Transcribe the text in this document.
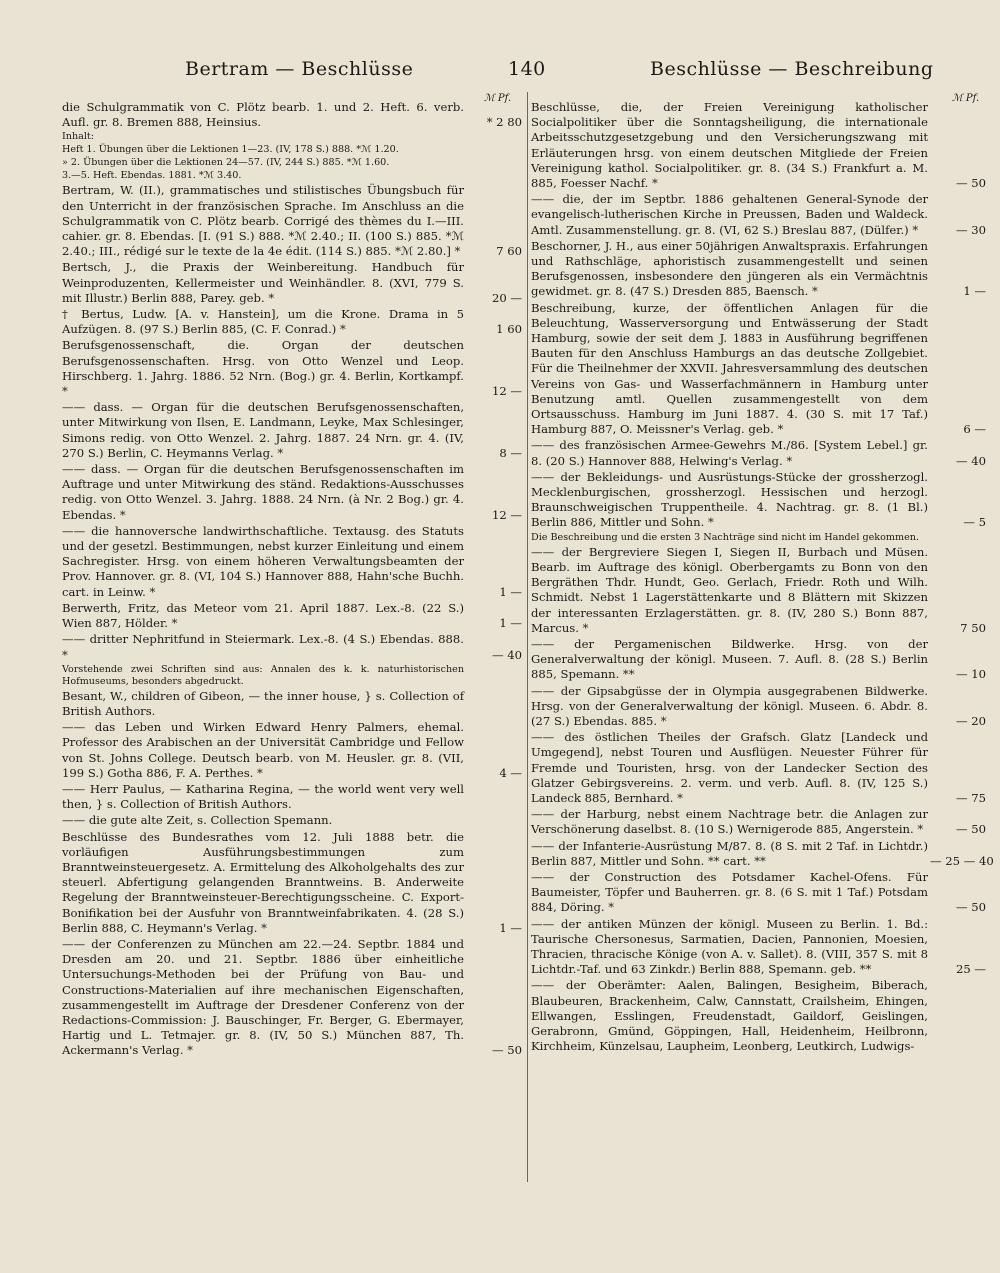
Bertram — Beschlüsse	140	Beschlüsse — Beschreibung
ℳ Pf.	ℳ Pf.
die Schulgrammatik von C. Plötz bearb. 1. und 2. Heft. 6. verb. Aufl. gr. 8. Bremen 888, Heinsius.	* 2 80
Inhalt:
Heft 1. Übungen über die Lektionen 1—23. (IV, 178 S.) 888. *ℳ 1.20.
» 2. Übungen über die Lektionen 24—57. (IV, 244 S.) 885. *ℳ 1.60.
3.—5. Heft. Ebendas. 1881. *ℳ 3.40.
Bertram, W. (II.), grammatisches und stilistisches Übungsbuch für den Unterricht in der französischen Sprache. Im Anschluss an die Schulgrammatik von C. Plötz bearb. Corrigé des thèmes du I.—III. cahier. gr. 8. Ebendas. [I. (91 S.) 888. *ℳ 2.40.; II. (100 S.) 885. *ℳ 2.40.; III., rédigé sur le texte de la 4e édit. (114 S.) 885. *ℳ 2.80.] *	7 60
Bertsch, J., die Praxis der Weinbereitung. Handbuch für Weinproduzenten, Kellermeister und Weinhändler. 8. (XVI, 779 S. mit Illustr.) Berlin 888, Parey. geb. *	20 —
† Bertus, Ludw. [A. v. Hanstein], um die Krone. Drama in 5 Aufzügen. 8. (97 S.) Berlin 885, (C. F. Conrad.) *	1 60
Berufsgenossenschaft, die. Organ der deutschen Berufsgenossenschaften. Hrsg. von Otto Wenzel und Leop. Hirschberg. 1. Jahrg. 1886. 52 Nrn. (Bog.) gr. 4. Berlin, Kortkampf. *	12 —
—— dass. — Organ für die deutschen Berufsgenossenschaften, unter Mitwirkung von Ilsen, E. Landmann, Leyke, Max Schlesinger, Simons redig. von Otto Wenzel. 2. Jahrg. 1887. 24 Nrn. gr. 4. (IV, 270 S.) Berlin, C. Heymanns Verlag. *	8 —
—— dass. — Organ für die deutschen Berufsgenossenschaften im Auftrage und unter Mitwirkung des ständ. Redaktions-Ausschusses redig. von Otto Wenzel. 3. Jahrg. 1888. 24 Nrn. (à Nr. 2 Bog.) gr. 4. Ebendas. *	12 —
—— die hannoversche landwirthschaftliche. Textausg. des Statuts und der gesetzl. Bestimmungen, nebst kurzer Einleitung und einem Sachregister. Hrsg. von einem höheren Verwaltungsbeamten der Prov. Hannover. gr. 8. (VI, 104 S.) Hannover 888, Hahn'sche Buchh. cart. in Leinw. *	1 —
Berwerth, Fritz, das Meteor vom 21. April 1887. Lex.-8. (22 S.) Wien 887, Hölder. *	1 —
—— dritter Nephritfund in Steiermark. Lex.-8. (4 S.) Ebendas. 888. *	— 40
Vorstehende zwei Schriften sind aus: Annalen des k. k. naturhistorischen Hofmuseums, besonders abgedruckt.
Besant, W., children of Gibeon, — the inner house, } s. Collection of British Authors.
—— das Leben und Wirken Edward Henry Palmers, ehemal. Professor des Arabischen an der Universität Cambridge und Fellow von St. Johns College. Deutsch bearb. von M. Heusler. gr. 8. (VII, 199 S.) Gotha 886, F. A. Perthes. *	4 —
—— Herr Paulus, — Katharina Regina, — the world went very well then, } s. Collection of British Authors.
—— die gute alte Zeit, s. Collection Spemann.
Beschlüsse des Bundesrathes vom 12. Juli 1888 betr. die vorläufigen Ausführungsbestimmungen zum Branntweinsteuergesetz. A. Ermittelung des Alkoholgehalts des zur steuerl. Abfertigung gelangenden Branntweins. B. Anderweite Regelung der Branntweinsteuer-Berechtigungsscheine. C. Export-Bonifikation bei der Ausfuhr von Branntweinfabrikaten. 4. (28 S.) Berlin 888, C. Heymann's Verlag. *	1 —
—— der Conferenzen zu München am 22.—24. Septbr. 1884 und Dresden am 20. und 21. Septbr. 1886 über einheitliche Untersuchungs-Methoden bei der Prüfung von Bau- und Constructions-Materialien auf ihre mechanischen Eigenschaften, zusammengestellt im Auftrage der Dresdener Conferenz von der Redactions-Commission: J. Bauschinger, Fr. Berger, G. Ebermayer, Hartig und L. Tetmajer. gr. 8. (IV, 50 S.) München 887, Th. Ackermann's Verlag. *	— 50
Beschlüsse, die, der Freien Vereinigung katholischer Socialpolitiker über die Sonntagsheiligung, die internationale Arbeitsschutzgesetzgebung und den Versicherungszwang mit Erläuterungen hrsg. von einem deutschen Mitgliede der Freien Vereinigung kathol. Socialpolitiker. gr. 8. (34 S.) Frankfurt a. M. 885, Foesser Nachf. *	— 50
—— die, der im Septbr. 1886 gehaltenen General-Synode der evangelisch-lutherischen Kirche in Preussen, Baden und Waldeck. Amtl. Zusammenstellung. gr. 8. (VI, 62 S.) Breslau 887, (Dülfer.) *	— 30
Beschorner, J. H., aus einer 50jährigen Anwaltspraxis. Erfahrungen und Rathschläge, aphoristisch zusammengestellt und seinen Berufsgenossen, insbesondere den jüngeren als ein Vermächtnis gewidmet. gr. 8. (47 S.) Dresden 885, Baensch. *	1 —
Beschreibung, kurze, der öffentlichen Anlagen für die Beleuchtung, Wasserversorgung und Entwässerung der Stadt Hamburg, sowie der seit dem J. 1883 in Ausführung begriffenen Bauten für den Anschluss Hamburgs an das deutsche Zollgebiet. Für die Theilnehmer der XXVII. Jahresversammlung des deutschen Vereins von Gas- und Wasserfachmännern in Hamburg unter Benutzung amtl. Quellen zusammengestellt von dem Ortsausschuss. Hamburg im Juni 1887. 4. (30 S. mit 17 Taf.) Hamburg 887, O. Meissner's Verlag. geb. *	6 —
—— des französischen Armee-Gewehrs M./86. [System Lebel.] gr. 8. (20 S.) Hannover 888, Helwing's Verlag. *	— 40
—— der Bekleidungs- und Ausrüstungs-Stücke der grossherzogl. Mecklenburgischen, grossherzogl. Hessischen und herzogl. Braunschweigischen Truppentheile. 4. Nachtrag. gr. 8. (1 Bl.) Berlin 886, Mittler und Sohn. *	— 5
Die Beschreibung und die ersten 3 Nachträge sind nicht im Handel gekommen.
—— der Bergreviere Siegen I, Siegen II, Burbach und Müsen. Bearb. im Auftrage des königl. Oberbergamts zu Bonn von den Bergräthen Thdr. Hundt, Geo. Gerlach, Friedr. Roth und Wilh. Schmidt. Nebst 1 Lagerstättenkarte und 8 Blättern mit Skizzen der interessanten Erzlagerstätten. gr. 8. (IV, 280 S.) Bonn 887, Marcus. *	7 50
—— der Pergamenischen Bildwerke. Hrsg. von der Generalverwaltung der königl. Museen. 7. Aufl. 8. (28 S.) Berlin 885, Spemann. **	— 10
—— der Gipsabgüsse der in Olympia ausgegrabenen Bildwerke. Hrsg. von der Generalverwaltung der königl. Museen. 6. Abdr. 8. (27 S.) Ebendas. 885. *	— 20
—— des östlichen Theiles der Grafsch. Glatz [Landeck und Umgegend], nebst Touren und Ausflügen. Neuester Führer für Fremde und Touristen, hrsg. von der Landecker Section des Glatzer Gebirgsvereins. 2. verm. und verb. Aufl. 8. (IV, 125 S.) Landeck 885, Bernhard. *	— 75
—— der Harburg, nebst einem Nachtrage betr. die Anlagen zur Verschönerung daselbst. 8. (10 S.) Wernigerode 885, Angerstein. *	— 50
—— der Infanterie-Ausrüstung M/87. 8. (8 S. mit 2 Taf. in Lichtdr.) Berlin 887, Mittler und Sohn. ** cart. **	— 25 — 40
—— der Construction des Potsdamer Kachel-Ofens. Für Baumeister, Töpfer und Bauherren. gr. 8. (6 S. mit 1 Taf.) Potsdam 884, Döring. *	— 50
—— der antiken Münzen der königl. Museen zu Berlin. 1. Bd.: Taurische Chersonesus, Sarmatien, Dacien, Pannonien, Moesien, Thracien, thracische Könige (von A. v. Sallet). 8. (VIII, 357 S. mit 8 Lichtdr.-Taf. und 63 Zinkdr.) Berlin 888, Spemann. geb. **	25 —
—— der Oberämter: Aalen, Balingen, Besigheim, Biberach, Blaubeuren, Brackenheim, Calw, Cannstatt, Crailsheim, Ehingen, Ellwangen, Esslingen, Freudenstadt, Gaildorf, Geislingen, Gerabronn, Gmünd, Göppingen, Hall, Heidenheim, Heilbronn, Kirchheim, Künzelsau, Laupheim, Leonberg, Leutkirch, Ludwigs-
